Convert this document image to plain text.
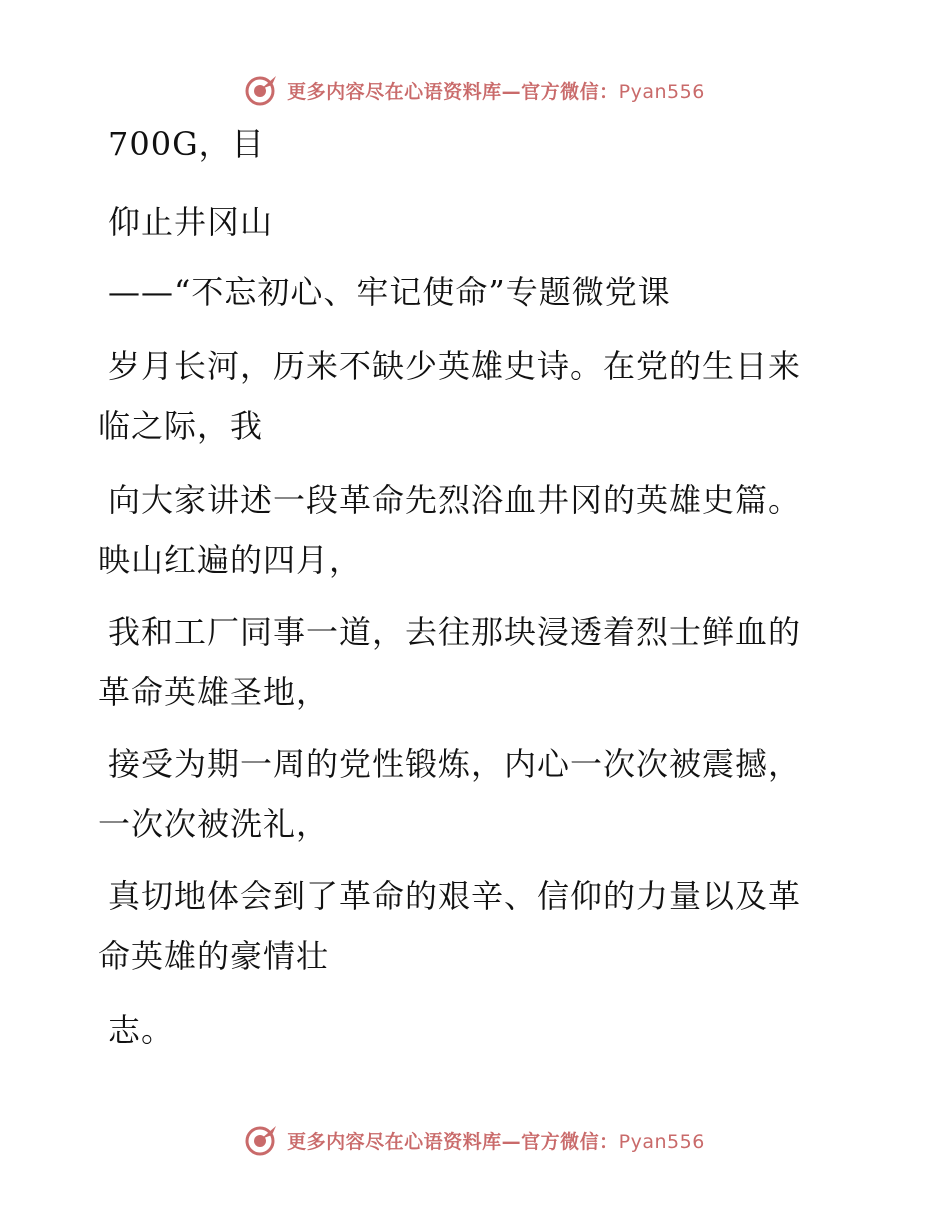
更多内容尽在心语资料库—官方微信：Pyan556
700G，目
仰止井冈山
——“不忘初心、牢记使命”专题微党课
岁月长河，历来不缺少英雄史诗。在党的生日来
临之际，我
向大家讲述一段革命先烈浴血井冈的英雄史篇。
映山红遍的四月，
我和工厂同事一道，去往那块浸透着烈士鲜血的
革命英雄圣地，
接受为期一周的党性锻炼，内心一次次被震撼，
一次次被洗礼，
真切地体会到了革命的艰辛、信仰的力量以及革
命英雄的豪情壮
志。
更多内容尽在心语资料库—官方微信：Pyan556
